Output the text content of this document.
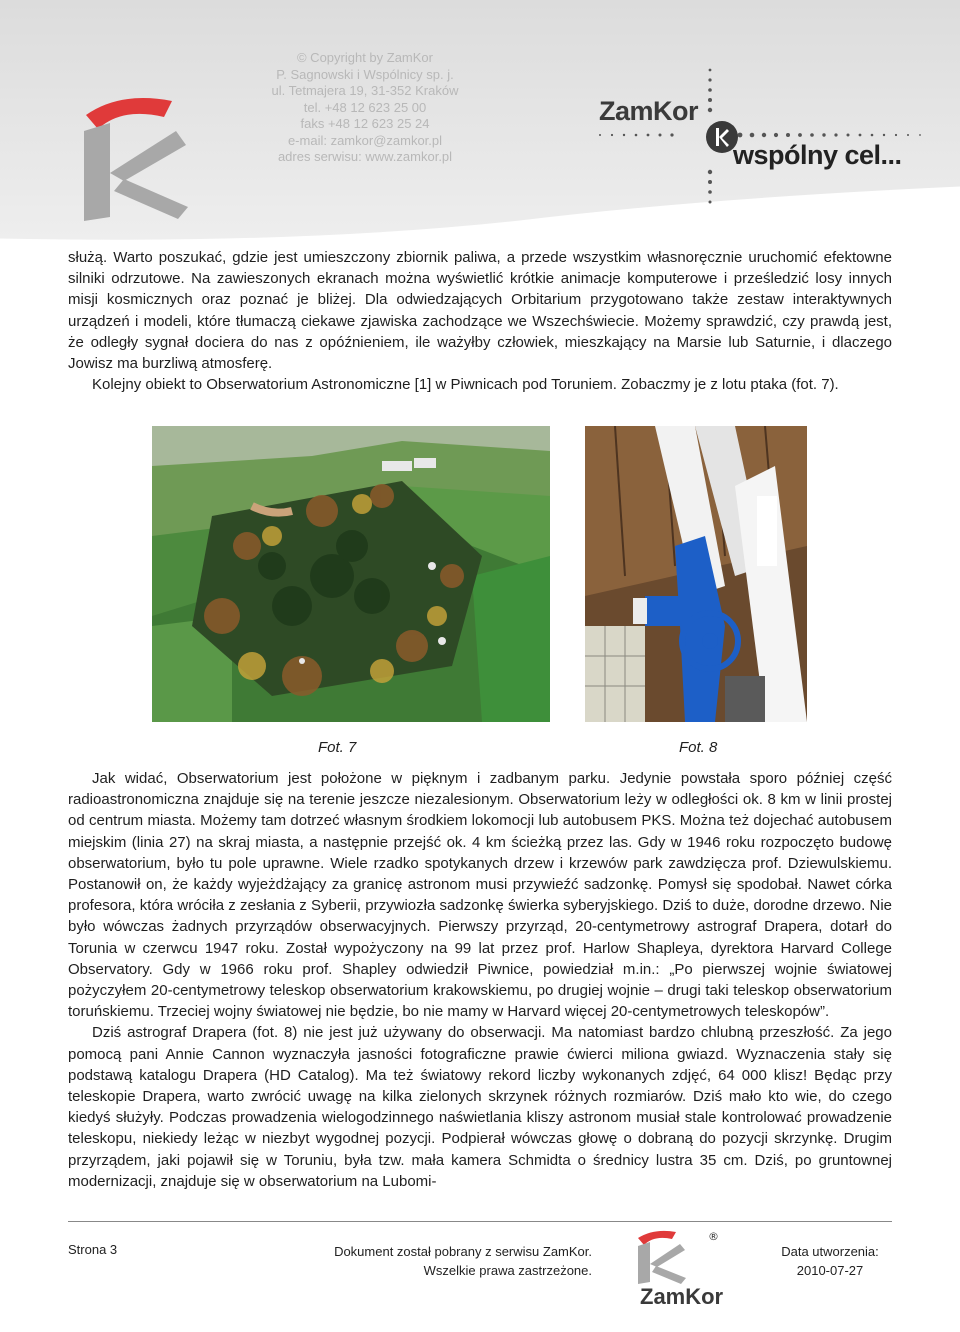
© Copyright by ZamKor
P. Sagnowski i Wspólnicy sp. j.
ul. Tetmajera 19, 31-352 Kraków
tel. +48 12 623 25 00
faks +48 12 623 25 24
e-mail: zamkor@zamkor.pl
adres serwisu: www.zamkor.pl
ZamKor
wspólny cel...

służą. Warto poszukać, gdzie jest umieszczony zbiornik paliwa, a przede wszystkim własnoręcznie uruchomić efektowne silniki odrzutowe. Na zawieszonych ekranach można wyświetlić krótkie animacje komputerowe i prześledzić losy innych misji kosmicznych oraz poznać je bliżej. Dla odwiedzających Orbitarium przygotowano także zestaw interaktywnych urządzeń i modeli, które tłumaczą ciekawe zjawiska zachodzące we Wszechświecie. Możemy sprawdzić, czy prawdą jest, że odległy sygnał dociera do nas z opóźnieniem, ile ważyłby człowiek, mieszkający na Marsie lub Saturnie, i dlaczego Jowisz ma burzliwą atmosferę.

Kolejny obiekt to Obserwatorium Astronomiczne [1] w Piwnicach pod Toruniem. Zobaczmy je z lotu ptaka (fot. 7).

Fot. 7	Fot. 8

Jak widać, Obserwatorium jest położone w pięknym i zadbanym parku. Jedynie powstała sporo później część radioastronomiczna znajduje się na terenie jeszcze niezalesionym. Obserwatorium leży w odległości ok. 8 km w linii prostej od centrum miasta. Możemy tam dotrzeć własnym środkiem lokomocji lub autobusem PKS. Można też dojechać autobusem miejskim (linia 27) na skraj miasta, a następnie przejść ok. 4 km ścieżką przez las. Gdy w 1946 roku rozpoczęto budowę obserwatorium, było tu pole uprawne. Wiele rzadko spotykanych drzew i krzewów park zawdzięcza prof. Dziewulskiemu. Postanowił on, że każdy wyjeżdżający za granicę astronom musi przywieźć sadzonkę. Pomysł się spodobał. Nawet córka profesora, która wróciła z zesłania z Syberii, przywiozła sadzonkę świerka syberyjskiego. Dziś to duże, dorodne drzewo. Nie było wówczas żadnych przyrządów obserwacyjnych. Pierwszy przyrząd, 20-centymetrowy astrograf Drapera, dotarł do Torunia w czerwcu 1947 roku. Został wypożyczony na 99 lat przez prof. Harlow Shapleya, dyrektora Harvard College Observatory. Gdy w 1966 roku prof. Shapley odwiedził Piwnice, powiedział m.in.: „Po pierwszej wojnie światowej pożyczyłem 20-centymetrowy teleskop obserwatorium krakowskiemu, po drugiej wojnie – drugi taki teleskop obserwatorium toruńskiemu. Trzeciej wojny światowej nie będzie, bo nie mamy w Harvard więcej 20-centymetrowych teleskopów”.

Dziś astrograf Drapera (fot. 8) nie jest już używany do obserwacji. Ma natomiast bardzo chlubną przeszłość. Za jego pomocą pani Annie Cannon wyznaczyła jasności fotograficzne prawie ćwierci miliona gwiazd. Wyznaczenia stały się podstawą katalogu Drapera (HD Catalog). Ma też światowy rekord liczby wykonanych zdjęć, 64 000 klisz! Będąc przy teleskopie Drapera, warto zwrócić uwagę na kilka zielonych skrzynek różnych rozmiarów. Dziś mało kto wie, do czego kiedyś służyły. Podczas prowadzenia wielogodzinnego naświetlania kliszy astronom musiał stale kontrolować prowadzenie teleskopu, niekiedy leżąc w niezbyt wygodnej pozycji. Podpierał wówczas głowę o dobraną do pozycji skrzynkę. Drugim przyrządem, jaki pojawił się w Toruniu, była tzw. mała kamera Schmidta o średnicy lustra 35 cm. Dziś, po gruntownej modernizacji, znajduje się w obserwatorium na Lubomi-

Strona 3	Dokument został pobrany z serwisu ZamKor.
Wszelkie prawa zastrzeżone.
®
ZamKor
Data utworzenia:
2010-07-27
